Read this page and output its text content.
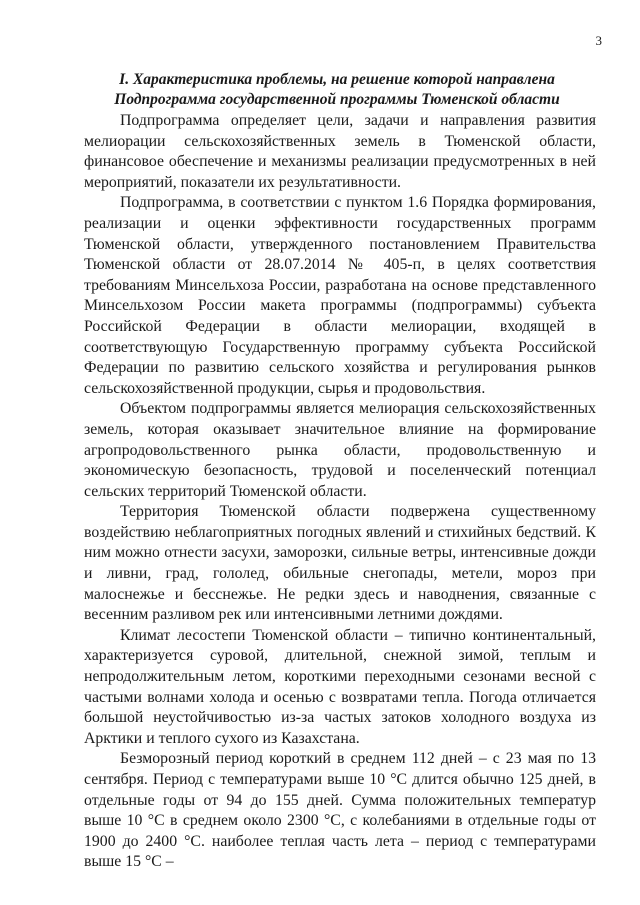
3
I. Характеристика проблемы, на решение которой направлена
Подпрограмма государственной программы Тюменской области

Подпрограмма определяет цели, задачи и направления развития мелиорации сельскохозяйственных земель в Тюменской области, финансовое обеспечение и механизмы реализации предусмотренных в ней мероприятий, показатели их результативности.

Подпрограмма, в соответствии с пунктом 1.6 Порядка формирования, реализации и оценки эффективности государственных программ Тюменской области, утвержденного постановлением Правительства Тюменской области от 28.07.2014 № 405-п, в целях соответствия требованиям Минсельхоза России, разработана на основе представленного Минсельхозом России макета программы (подпрограммы) субъекта Российской Федерации в области мелиорации, входящей в соответствующую Государственную программу субъекта Российской Федерации по развитию сельского хозяйства и регулирования рынков сельскохозяйственной продукции, сырья и продовольствия.

Объектом подпрограммы является мелиорация сельскохозяйственных земель, которая оказывает значительное влияние на формирование агропродовольственного рынка области, продовольственную и экономическую безопасность, трудовой и поселенческий потенциал сельских территорий Тюменской области.

Территория Тюменской области подвержена существенному воздействию неблагоприятных погодных явлений и стихийных бедствий. К ним можно отнести засухи, заморозки, сильные ветры, интенсивные дожди и ливни, град, гололед, обильные снегопады, метели, мороз при малоснежье и бесснежье. Не редки здесь и наводнения, связанные с весенним разливом рек или интенсивными летними дождями.

Климат лесостепи Тюменской области – типично континентальный, характеризуется суровой, длительной, снежной зимой, теплым и непродолжительным летом, короткими переходными сезонами весной с частыми волнами холода и осенью с возвратами тепла. Погода отличается большой неустойчивостью из-за частых затоков холодного воздуха из Арктики и теплого сухого из Казахстана.

Безморозный период короткий в среднем 112 дней – с 23 мая по 13 сентября. Период с температурами выше 10 °С длится обычно 125 дней, в отдельные годы от 94 до 155 дней. Сумма положительных температур выше 10 °С в среднем около 2300 °С, с колебаниями в отдельные годы от 1900 до 2400 °С. наиболее теплая часть лета – период с температурами выше 15 °С –
